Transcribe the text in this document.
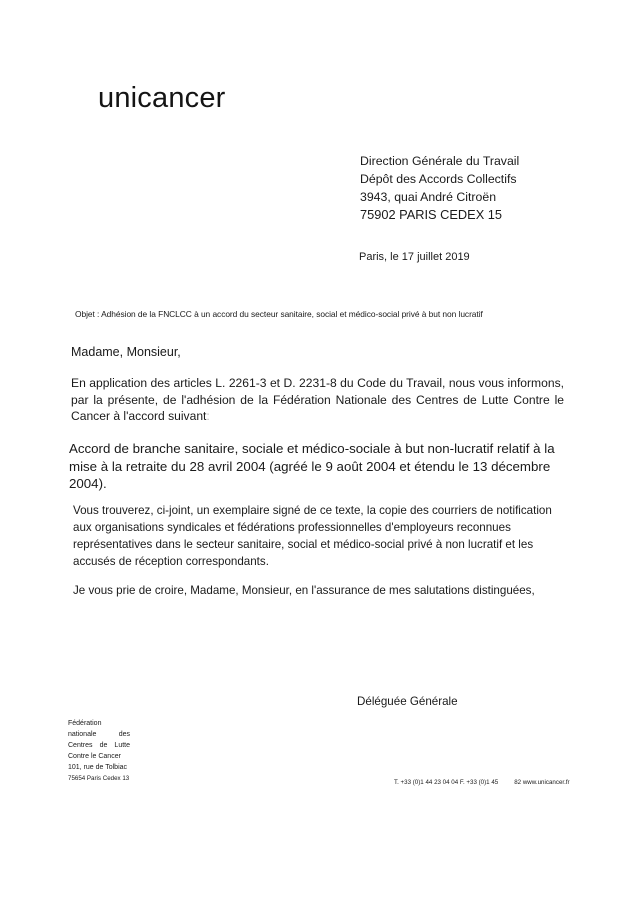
unicancer
Direction Générale du Travail
Dépôt des Accords Collectifs
3943, quai André Citroën
75902 PARIS CEDEX 15
Paris, le 17 juillet 2019
Objet : Adhésion de la FNCLCC à un accord du secteur sanitaire, social et médico-social privé à but non lucratif
Madame, Monsieur,
En application des articles L. 2261-3 et D. 2231-8 du Code du Travail, nous vous informons, par la présente, de l'adhésion de la Fédération Nationale des Centres de Lutte Contre le Cancer à l'accord suivant:
Accord de branche sanitaire, sociale et médico-sociale à but non-lucratif relatif à la mise à la retraite du 28 avril 2004 (agréé le 9 août 2004 et étendu le 13 décembre 2004).
Vous trouverez, ci-joint, un exemplaire signé de ce texte, la copie des courriers de notification aux organisations syndicales et fédérations professionnelles d'employeurs reconnues représentatives dans le secteur sanitaire, social et médico-social privé à non lucratif et les accusés de réception correspondants.
Je vous prie de croire, Madame, Monsieur, en l'assurance de mes salutations distinguées,
Déléguée Générale
Fédération
nationale des
Centres de Lutte
Contre le Cancer
101, rue de Tolbiac
75654 Paris Cedex 13
T. +33 (0)1 44 23 04 04 F. +33 (0)1 45	82 www.unicancer.fr
